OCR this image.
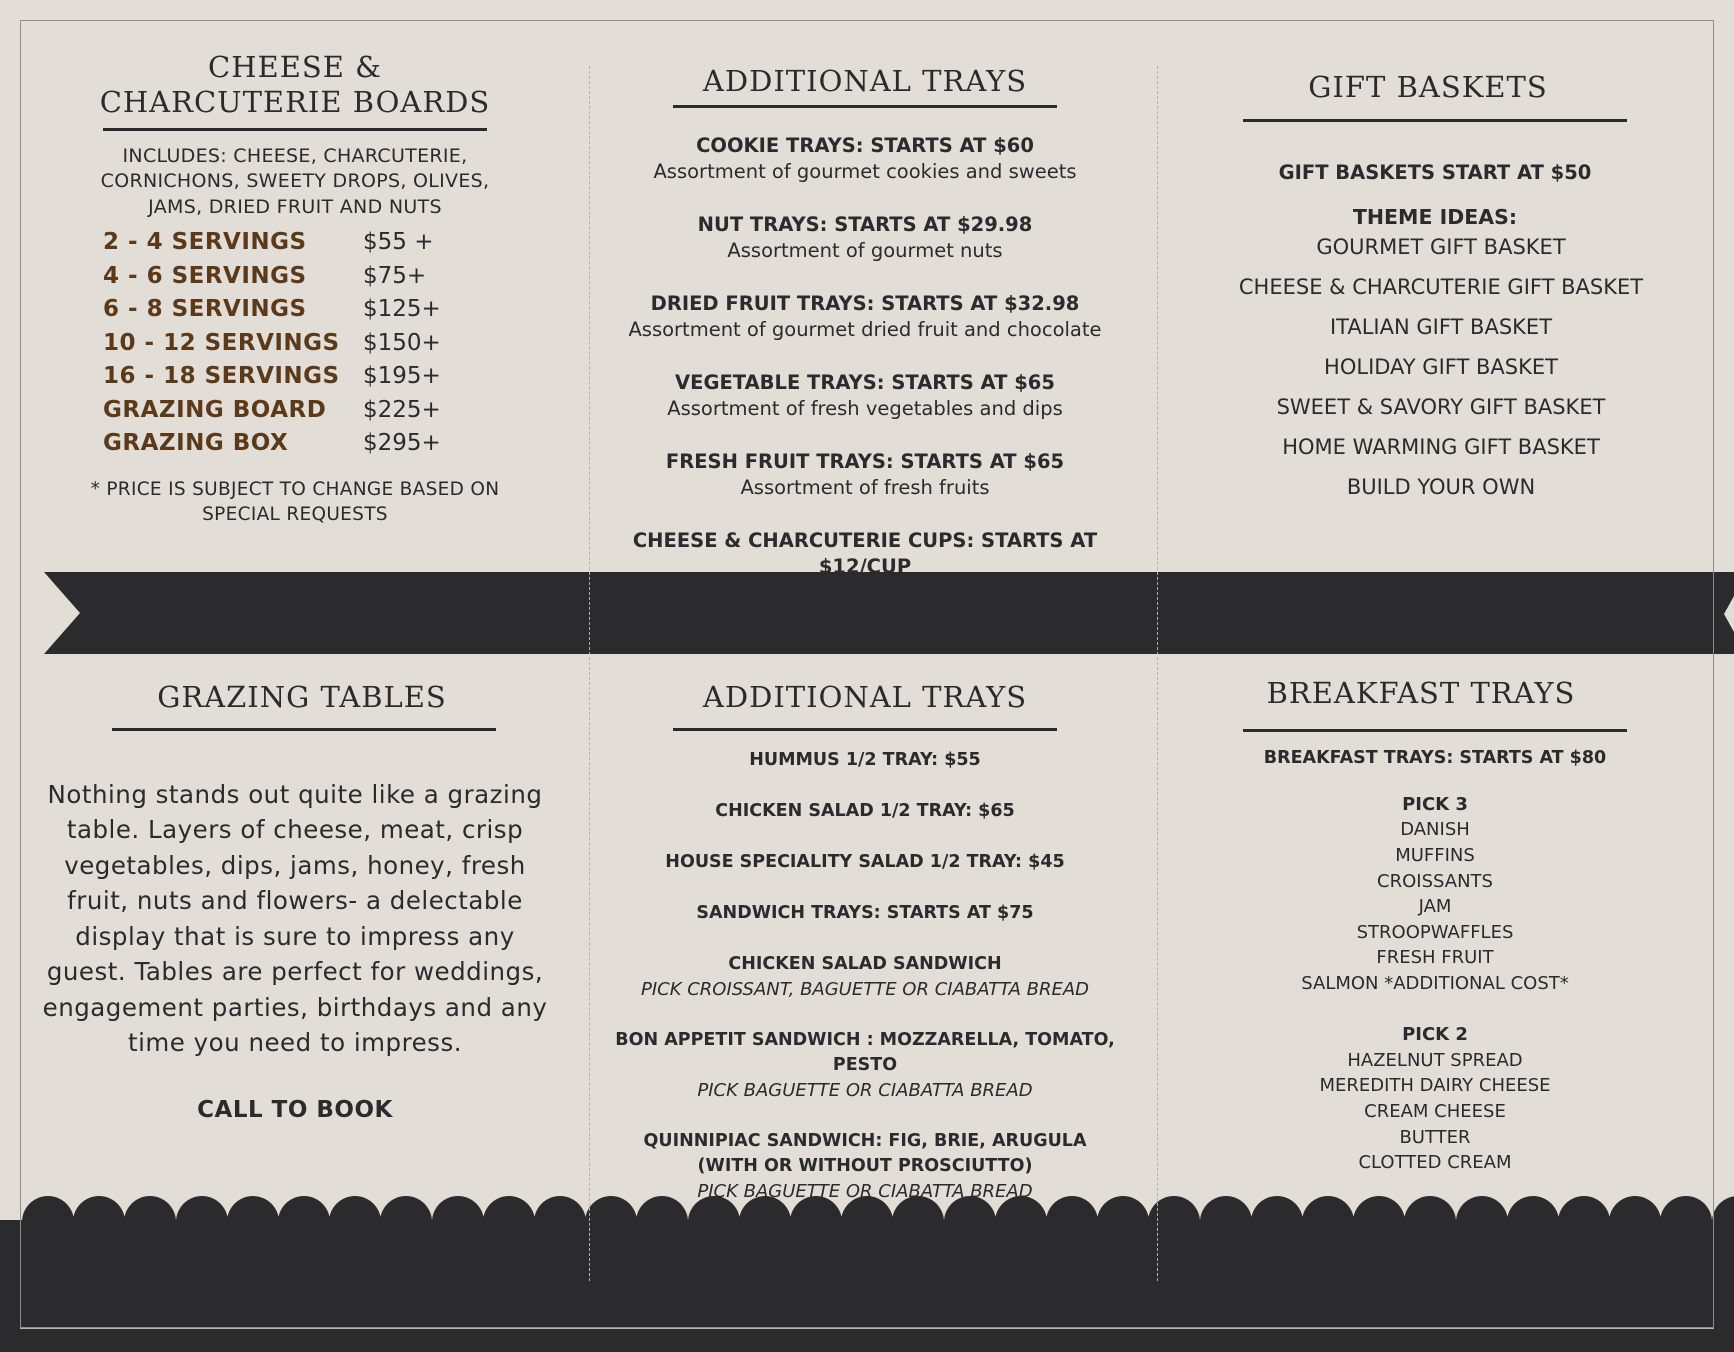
CHEESE &
CHARCUTERIE BOARDS
INCLUDES: CHEESE, CHARCUTERIE, CORNICHONS, SWEETY DROPS, OLIVES, JAMS, DRIED FRUIT AND NUTS
2 - 4 SERVINGS	$55 +
4 - 6 SERVINGS	$75+
6 - 8 SERVINGS	$125+
10 - 12 SERVINGS	$150+
16 - 18 SERVINGS	$195+
GRAZING BOARD	$225+
GRAZING BOX	$295+
* PRICE IS SUBJECT TO CHANGE BASED ON SPECIAL REQUESTS
ADDITIONAL TRAYS
COOKIE TRAYS: STARTS AT $60
Assortment of gourmet cookies and sweets
NUT TRAYS: STARTS AT $29.98
Assortment of gourmet nuts
DRIED FRUIT TRAYS: STARTS AT $32.98
Assortment of gourmet dried fruit and chocolate
VEGETABLE TRAYS: STARTS AT $65
Assortment of fresh vegetables and dips
FRESH FRUIT TRAYS: STARTS AT $65
Assortment of fresh fruits
CHEESE & CHARCUTERIE CUPS: STARTS AT $12/CUP
Minimum 15 cups per order
GIFT BASKETS
GIFT BASKETS START AT $50
THEME IDEAS:
GOURMET GIFT BASKET
CHEESE & CHARCUTERIE GIFT BASKET
ITALIAN GIFT BASKET
HOLIDAY GIFT BASKET
SWEET & SAVORY GIFT BASKET
HOME WARMING GIFT BASKET
BUILD YOUR OWN
GRAZING TABLES
Nothing stands out quite like a grazing table. Layers of cheese, meat, crisp vegetables, dips, jams, honey, fresh fruit, nuts and flowers- a delectable display that is sure to impress any guest. Tables are perfect for weddings, engagement parties, birthdays and any time you need to impress.
CALL TO BOOK
ADDITIONAL TRAYS
HUMMUS 1/2 TRAY: $55
CHICKEN SALAD 1/2 TRAY: $65
HOUSE SPECIALITY SALAD 1/2 TRAY: $45
SANDWICH TRAYS: STARTS AT $75
CHICKEN SALAD SANDWICH
PICK CROISSANT, BAGUETTE OR CIABATTA BREAD
BON APPETIT SANDWICH : MOZZARELLA, TOMATO, PESTO
PICK BAGUETTE OR CIABATTA BREAD
QUINNIPIAC SANDWICH: FIG, BRIE, ARUGULA
(WITH OR WITHOUT PROSCIUTTO)
PICK BAGUETTE OR CIABATTA BREAD
BREAKFAST TRAYS
BREAKFAST TRAYS: STARTS AT $80
PICK 3
DANISH
MUFFINS
CROISSANTS
JAM
STROOPWAFFLES
FRESH FRUIT
SALMON *ADDITIONAL COST*
PICK 2
HAZELNUT SPREAD
MEREDITH DAIRY CHEESE
CREAM CHEESE
BUTTER
CLOTTED CREAM
